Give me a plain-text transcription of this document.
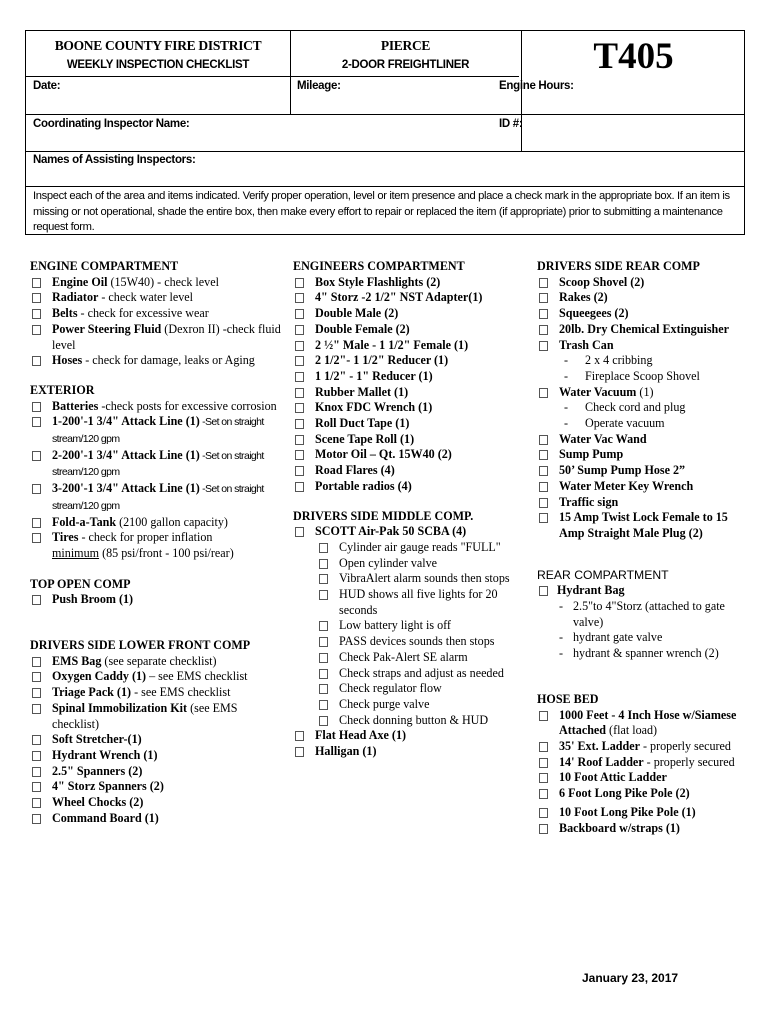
BOONE COUNTY FIRE DISTRICT
WEEKLY INSPECTION CHECKLIST
PIERCE
2-DOOR FREIGHTLINER	T405
Date:	Mileage:	Engine Hours:
Coordinating Inspector Name:	ID #:
Names of Assisting Inspectors:
Inspect each of the area and items indicated. Verify proper operation, level or item presence and place a check mark in the appropriate box. If an item is missing or not operational, shade the entire box, then make every effort to repair or replaced the item (if appropriate) prior to submitting a maintenance request form.
ENGINE COMPARTMENT
Engine Oil (15W40) - check level
Radiator - check water level
Belts - check for excessive wear
Power Steering Fluid (Dexron II) -check fluid level
Hoses - check for damage, leaks or Aging
EXTERIOR
Batteries -check posts for excessive corrosion
1-200'-1 3/4" Attack Line (1) -Set on straight stream/120 gpm
2-200'-1 3/4" Attack Line (1) -Set on straight stream/120 gpm
3-200'-1 3/4" Attack Line (1) -Set on straight stream/120 gpm
Fold-a-Tank (2100 gallon capacity)
Tires - check for proper inflation
minimum (85 psi/front - 100 psi/rear)
TOP OPEN COMP
Push Broom (1)
DRIVERS SIDE LOWER FRONT COMP
EMS Bag (see separate checklist)
Oxygen Caddy (1) – see EMS checklist
Triage Pack (1) - see EMS checklist
Spinal Immobilization Kit (see EMS checklist)
Soft Stretcher-(1)
Hydrant Wrench (1)
2.5" Spanners (2)
4" Storz Spanners (2)
Wheel Chocks (2)
Command Board (1)
ENGINEERS COMPARTMENT
Box Style Flashlights (2)
4" Storz -2 1/2" NST Adapter(1)
Double Male (2)
Double Female (2)
2 ½" Male - 1 1/2" Female (1)
2 1/2"- 1 1/2" Reducer (1)
1 1/2" - 1" Reducer (1)
Rubber Mallet (1)
Knox FDC Wrench (1)
Roll Duct Tape (1)
Scene Tape Roll (1)
Motor Oil – Qt. 15W40 (2)
Road Flares (4)
Portable radios (4)
DRIVERS SIDE MIDDLE COMP.
SCOTT Air-Pak 50 SCBA (4)
Cylinder air gauge reads "FULL"
Open cylinder valve
VibraAlert alarm sounds then stops
HUD shows all five lights for 20 seconds
Low battery light is off
PASS devices sounds then stops
Check Pak-Alert SE alarm
Check straps and adjust as needed
Check regulator flow
Check purge valve
Check donning button & HUD
Flat Head Axe (1)
Halligan (1)
DRIVERS SIDE REAR COMP
Scoop Shovel (2)
Rakes (2)
Squeegees (2)
20lb. Dry Chemical Extinguisher
Trash Can
- 2 x 4 cribbing
- Fireplace Scoop Shovel
Water Vacuum (1)
- Check cord and plug
- Operate vacuum
Water Vac Wand
Sump Pump
50’ Sump Pump Hose 2”
Water Meter Key Wrench
Traffic sign
15 Amp Twist Lock Female to 15 Amp Straight Male Plug (2)
REAR COMPARTMENT
Hydrant Bag
- 2.5"to 4"Storz (attached to gate valve)
- hydrant gate valve
- hydrant & spanner wrench (2)
HOSE BED
1000 Feet - 4 Inch Hose w/Siamese Attached (flat load)
35' Ext. Ladder - properly secured
14' Roof Ladder - properly secured
10 Foot Attic Ladder
6 Foot Long Pike Pole (2)
10 Foot Long Pike Pole (1)
Backboard w/straps (1)
January 23, 2017
